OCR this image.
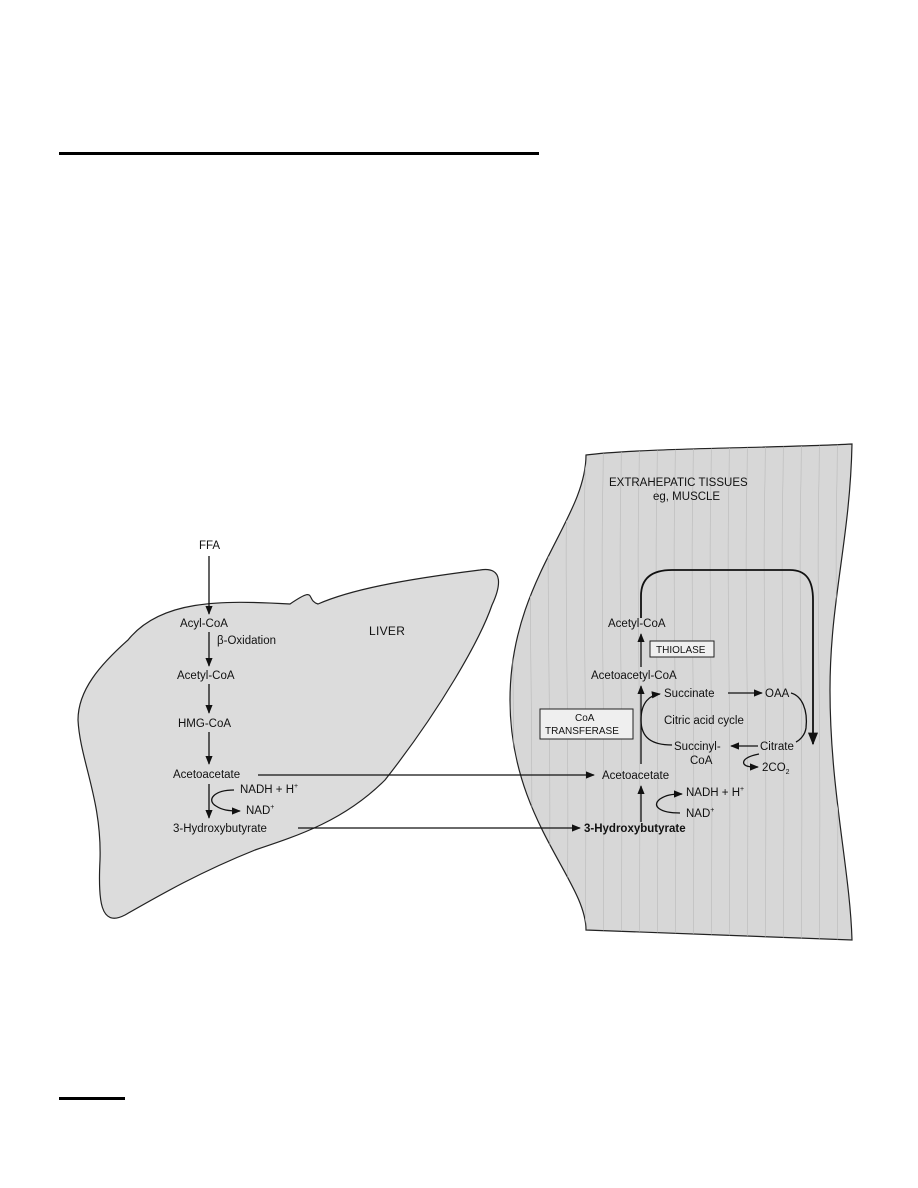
FFA
Acyl-CoA
β-Oxidation
LIVER
Acetyl-CoA
HMG-CoA
Acetoacetate
NADH + H+
NAD+
3-Hydroxybutyrate
EXTRAHEPATIC TISSUES
eg, MUSCLE
Acetyl-CoA
THIOLASE
Acetoacetyl-CoA
CoA
TRANSFERASE
Citric acid cycle
Succinate	OAA
Citrate
$2CO_2$
Succinyl-
CoA
Acetoacetate
NADH + H+
NAD+
3-Hydroxybutyrate
